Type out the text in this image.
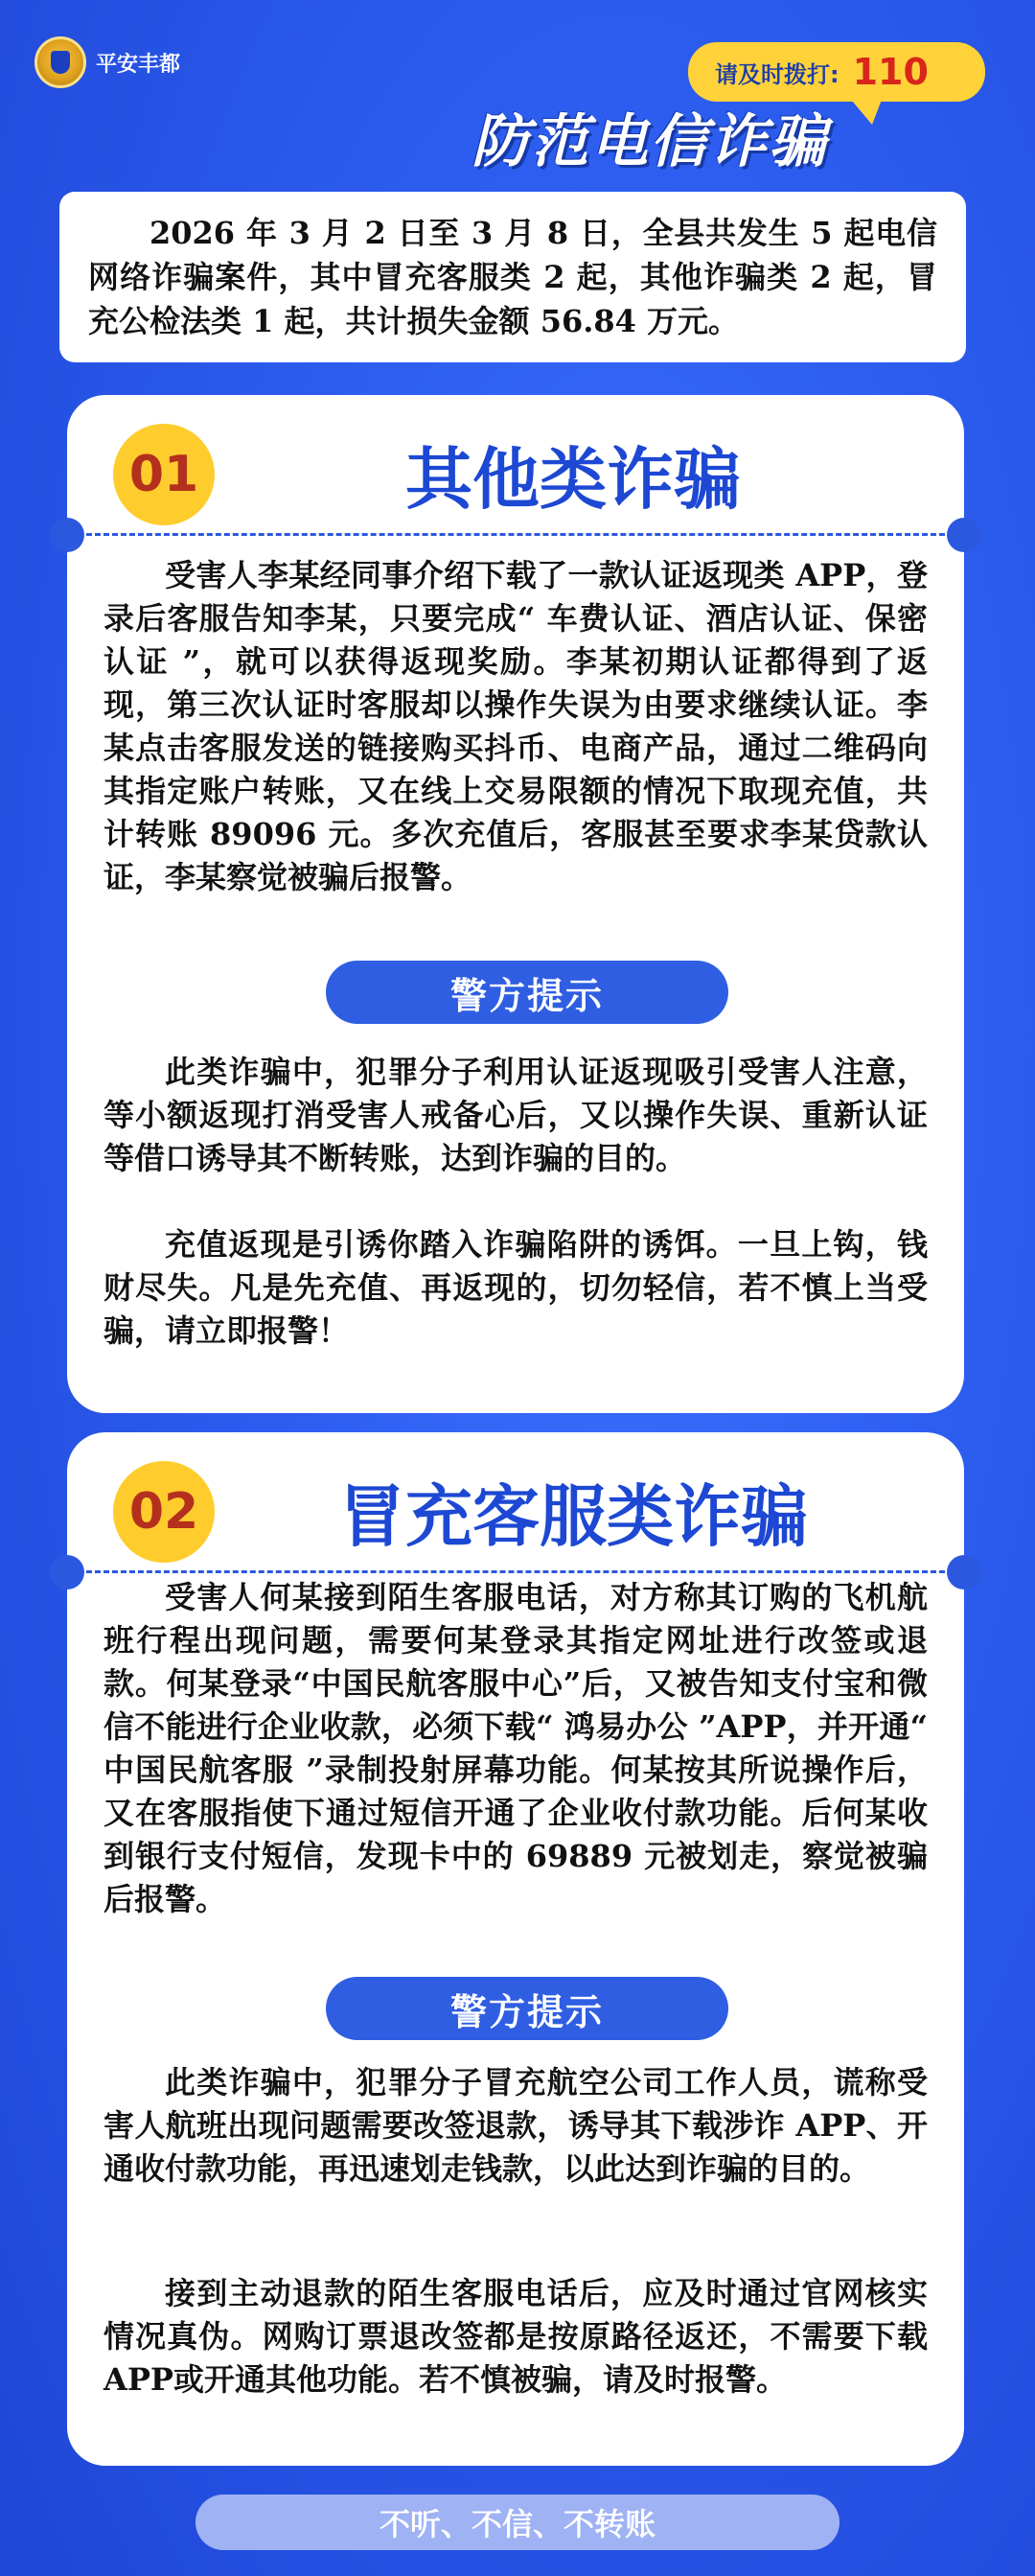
平安丰都	请及时拨打: 110
防范电信诈骗
2026 年 3 月 2 日至 3 月 8 日，全县共发生 5 起电信网络诈骗案件，其中冒充客服类 2 起，其他诈骗类 2 起，冒充公检法类 1 起，共计损失金额 56.84 万元。
01	其他类诈骗
受害人李某经同事介绍下载了一款认证返现类 APP，登录后客服告知李某，只要完成“ 车费认证、酒店认证、保密认证 ”，就可以获得返现奖励。李某初期认证都得到了返现，第三次认证时客服却以操作失误为由要求继续认证。李某点击客服发送的链接购买抖币、电商产品，通过二维码向其指定账户转账，又在线上交易限额的情况下取现充值，共计转账 89096 元。多次充值后，客服甚至要求李某贷款认证，李某察觉被骗后报警。
警方提示
此类诈骗中，犯罪分子利用认证返现吸引受害人注意，等小额返现打消受害人戒备心后，又以操作失误、重新认证等借口诱导其不断转账，达到诈骗的目的。
充值返现是引诱你踏入诈骗陷阱的诱饵。一旦上钩，钱财尽失。凡是先充值、再返现的，切勿轻信，若不慎上当受骗，请立即报警！
02	冒充客服类诈骗
受害人何某接到陌生客服电话，对方称其订购的飞机航班行程出现问题，需要何某登录其指定网址进行改签或退款。何某登录“中国民航客服中心”后，又被告知支付宝和微信不能进行企业收款，必须下载“ 鸿易办公 ”APP，并开通“ 中国民航客服 ”录制投射屏幕功能。何某按其所说操作后，又在客服指使下通过短信开通了企业收付款功能。后何某收到银行支付短信，发现卡中的 69889 元被划走，察觉被骗后报警。
警方提示
此类诈骗中，犯罪分子冒充航空公司工作人员，谎称受害人航班出现问题需要改签退款，诱导其下载涉诈 APP、开通收付款功能，再迅速划走钱款，以此达到诈骗的目的。
接到主动退款的陌生客服电话后，应及时通过官网核实情况真伪。网购订票退改签都是按原路径返还，不需要下载APP或开通其他功能。若不慎被骗，请及时报警。
不听、不信、不转账
